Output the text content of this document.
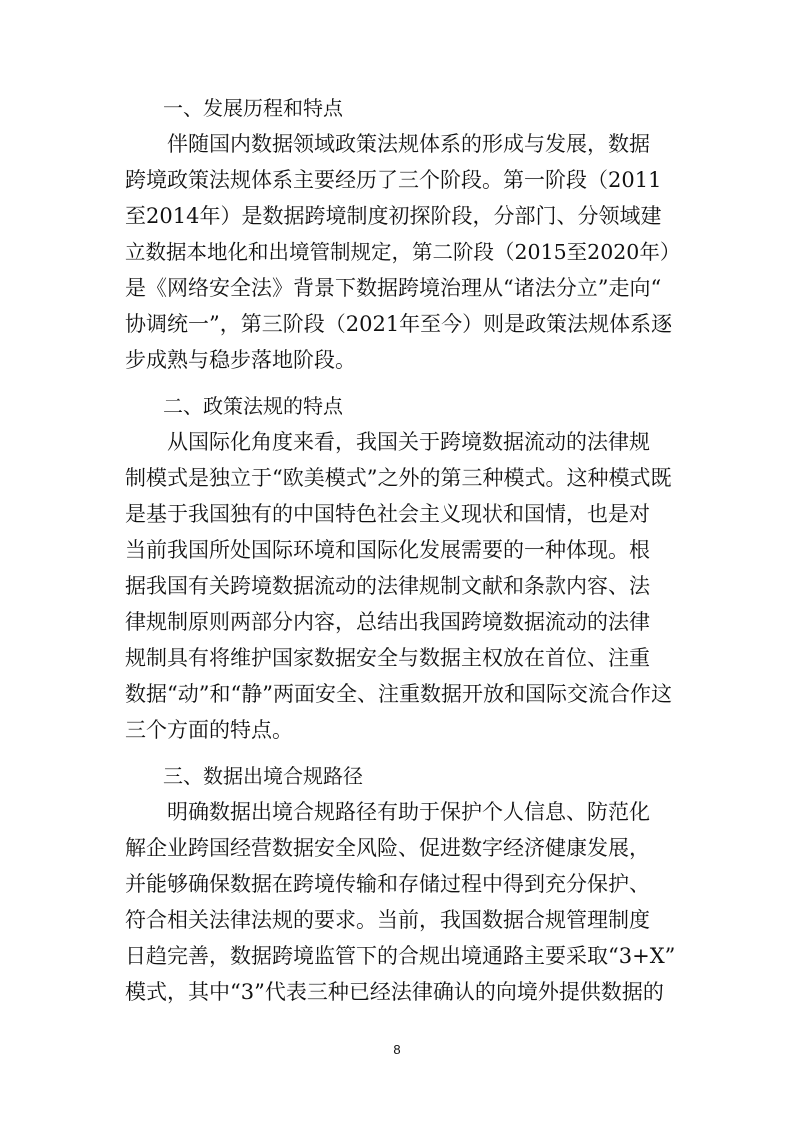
一、发展历程和特点
伴随国内数据领域政策法规体系的形成与发展，数据
跨境政策法规体系主要经历了三个阶段。第一阶段（2011
至2014年）是数据跨境制度初探阶段，分部门、分领域建
立数据本地化和出境管制规定，第二阶段（2015至2020年）
是《网络安全法》背景下数据跨境治理从“诸法分立”走向“
协调统一”，第三阶段（2021年至今）则是政策法规体系逐
步成熟与稳步落地阶段。
二、政策法规的特点
从国际化角度来看，我国关于跨境数据流动的法律规
制模式是独立于“欧美模式”之外的第三种模式。这种模式既
是基于我国独有的中国特色社会主义现状和国情，也是对
当前我国所处国际环境和国际化发展需要的一种体现。根
据我国有关跨境数据流动的法律规制文献和条款内容、法
律规制原则两部分内容，总结出我国跨境数据流动的法律
规制具有将维护国家数据安全与数据主权放在首位、注重
数据“动”和“静”两面安全、注重数据开放和国际交流合作这
三个方面的特点。
三、数据出境合规路径
明确数据出境合规路径有助于保护个人信息、防范化
解企业跨国经营数据安全风险、促进数字经济健康发展，
并能够确保数据在跨境传输和存储过程中得到充分保护、
符合相关法律法规的要求。当前，我国数据合规管理制度
日趋完善，数据跨境监管下的合规出境通路主要采取“3+X”
模式，其中“3”代表三种已经法律确认的向境外提供数据的
8
